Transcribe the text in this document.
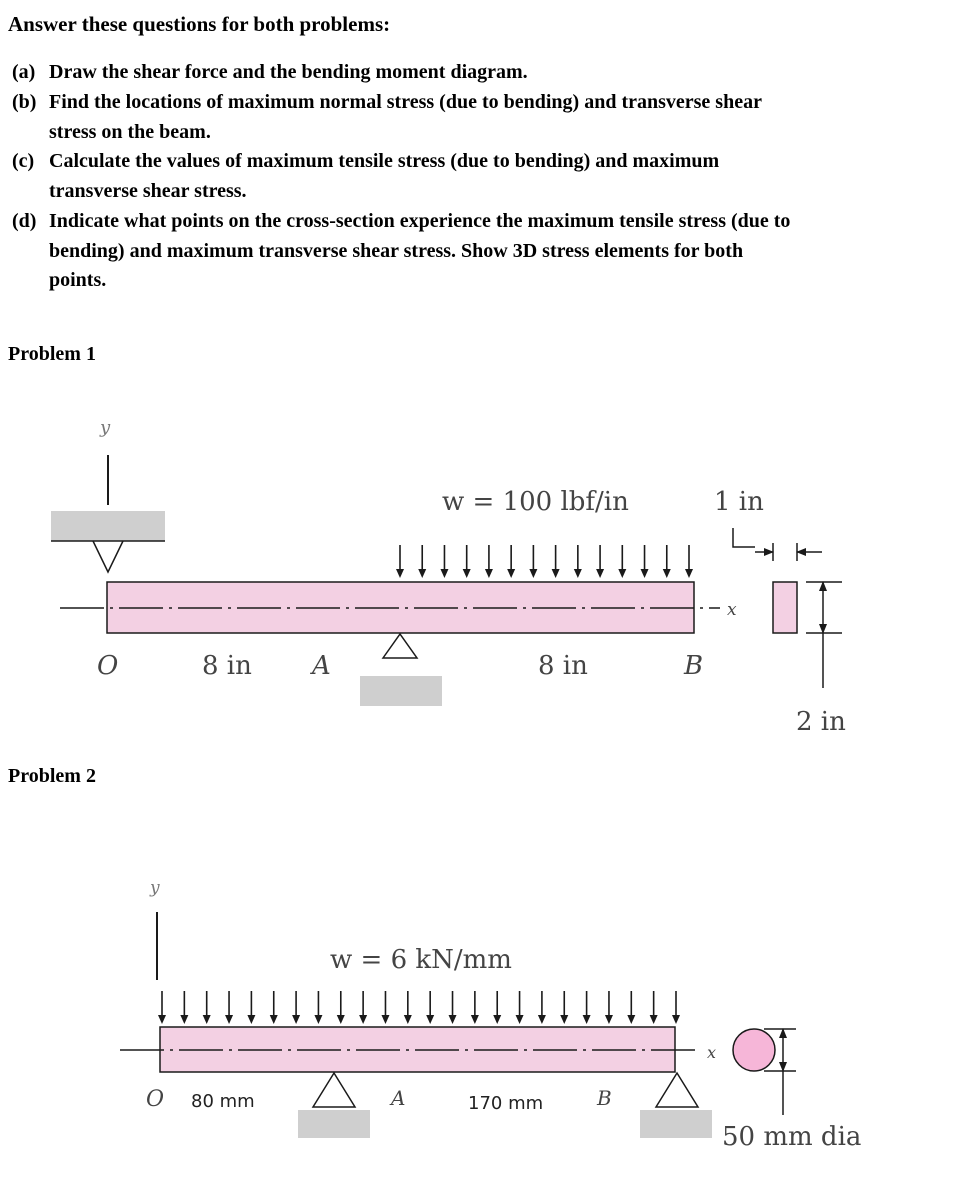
Answer these questions for both problems:
(a) Draw the shear force and the bending moment diagram.
(b) Find the locations of maximum normal stress (due to bending) and transverse shear
stress on the beam.
(c) Calculate the values of maximum tensile stress (due to bending) and maximum
transverse shear stress.
(d) Indicate what points on the cross-section experience the maximum tensile stress (due to
bending) and maximum transverse shear stress. Show 3D stress elements for both
points.
Problem 1
Problem 2
y
x
w = 100 lbf/in
O	8 in A	8 in	B
1 in
2 in
y
x
w = 6 kN/mm
O 80 mm	A	170 mm	B
50 mm dia
